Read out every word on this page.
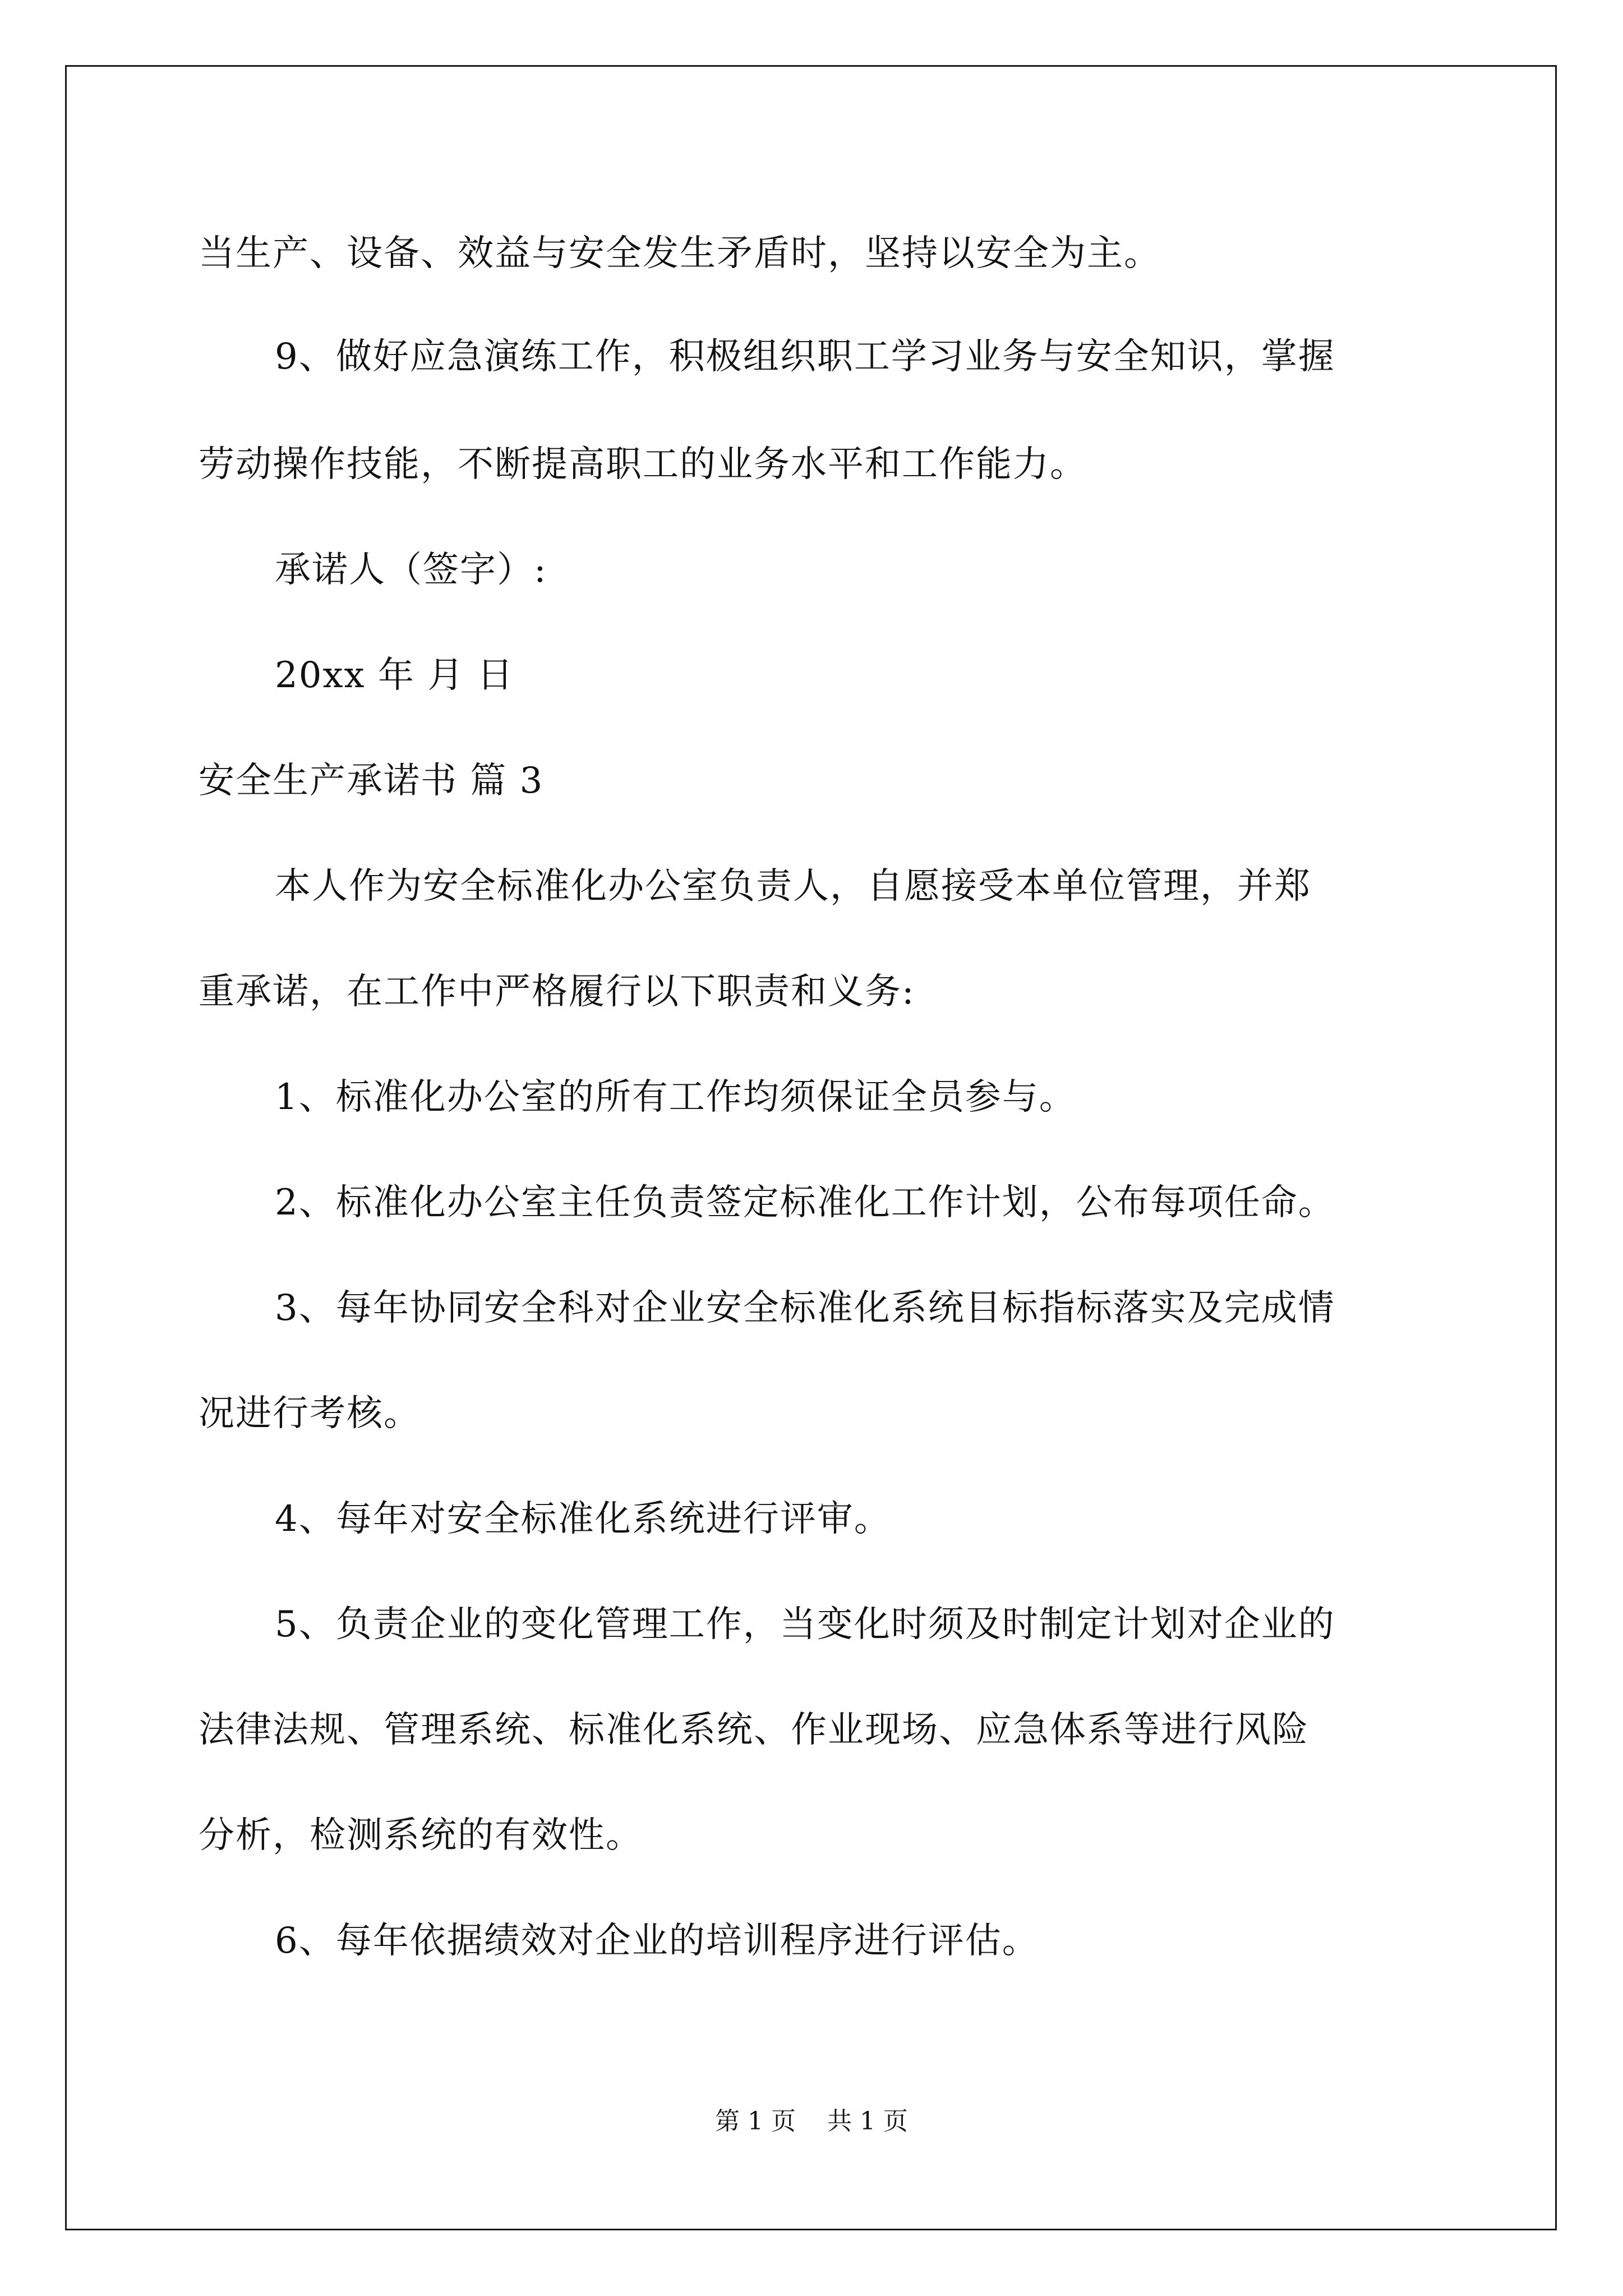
当生产、设备、效益与安全发生矛盾时，坚持以安全为主。

9、做好应急演练工作，积极组织职工学习业务与安全知识，掌握

劳动操作技能，不断提高职工的业务水平和工作能力。

承诺人（签字）:

20xx 年 月 日

安全生产承诺书 篇 3

本人作为安全标准化办公室负责人，自愿接受本单位管理，并郑

重承诺，在工作中严格履行以下职责和义务:

1、标准化办公室的所有工作均须保证全员参与。

2、标准化办公室主任负责签定标准化工作计划，公布每项任命。

3、每年协同安全科对企业安全标准化系统目标指标落实及完成情

况进行考核。

4、每年对安全标准化系统进行评审。

5、负责企业的变化管理工作，当变化时须及时制定计划对企业的

法律法规、管理系统、标准化系统、作业现场、应急体系等进行风险

分析，检测系统的有效性。

6、每年依据绩效对企业的培训程序进行评估。

第 1 页    共 1 页
